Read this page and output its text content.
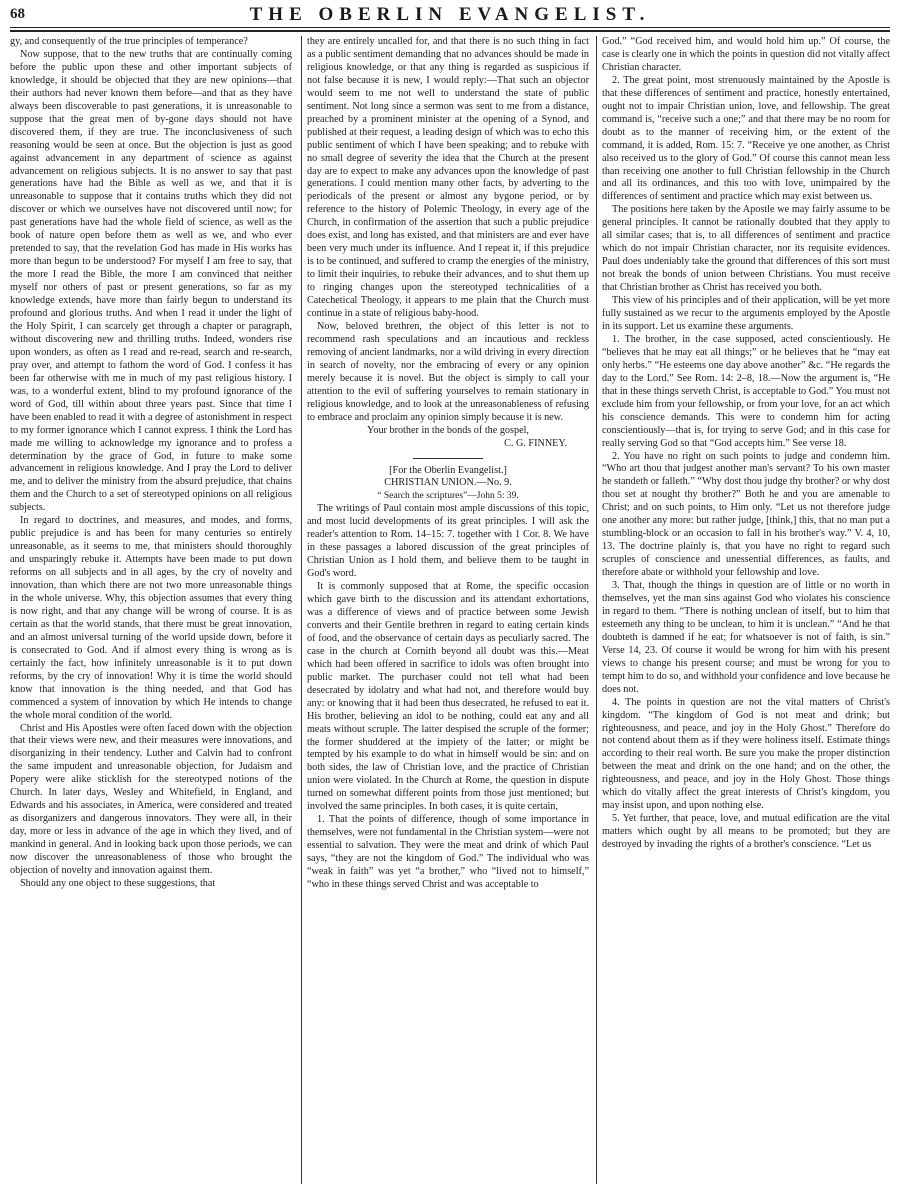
68	THE OBERLIN EVANGELIST.

gy, and consequently of the true principles of temperance?

Now suppose, that to the new truths that are continually coming before the public upon these and other important subjects of knowledge, it should be objected that they are new opinions—that their authors had never known them before—and that as they have always been discoverable to past generations, it is unreasonable to suppose that the great men of by-gone days should not have discovered them, if they are true. The inconclusiveness of such reasoning would be seen at once. But the objection is just as good against advancement in any department of science as against advancement on religious subjects. It is no answer to say that past generations have had the Bible as well as we, and that it is unreasonable to suppose that it contains truths which they did not discover or which we ourselves have not discovered until now; for past generations have had the whole field of science, as well as the book of nature open before them as well as we, and who ever pretended to say, that the revelation God has made in His works has more than begun to be understood? For myself I am free to say, that the more I read the Bible, the more I am convinced that neither myself nor others of past or present generations, so far as my knowledge extends, have more than fairly begun to understand its profound and glorious truths. And when I read it under the light of the Holy Spirit, I can scarcely get through a chapter or paragraph, without discovering new and thrilling truths. Indeed, wonders rise upon wonders, as often as I read and re-read, search and re-search, pray over, and attempt to fathom the word of God. I confess it has been far otherwise with me in much of my past religious history. I was, to a wonderful extent, blind to my profound ignorance of the word of God, till within about three years past. Since that time I have been enabled to read it with a degree of astonishment in respect to my former ignorance which I cannot express. I think the Lord has made me willing to acknowledge my ignorance and to profess a determination by the grace of God, in future to make some advancement in religious knowledge. And I pray the Lord to deliver me, and to deliver the ministry from the absurd prejudice, that chains them and the Church to a set of stereotyped opinions on all religious subjects.

In regard to doctrines, and measures, and modes, and forms, public prejudice is and has been for many centuries so entirely unreasonable, as it seems to me, that ministers should thoroughly and unsparingly rebuke it. Attempts have been made to put down reforms on all subjects and in all ages, by the cry of novelty and innovation, than which there are not two more unreasonable things in the whole universe. Why, this objection assumes that every thing is now right, and that any change will be wrong of course. It is as certain as that the world stands, that there must be great innovation, and an almost universal turning of the world upside down, before it is consecrated to God. And if almost every thing is wrong as is certainly the fact, how infinitely unreasonable is it to put down reforms, by the cry of innovation! Why it is time the world should know that innovation is the thing needed, and that God has commenced a system of innovation by which He intends to change the whole moral condition of the world.

Christ and His Apostles were often faced down with the objection that their views were new, and their measures were innovations, and disorganizing in their tendency. Luther and Calvin had to confront the same impudent and unreasonable objection, for Judaism and Popery were alike sticklish for the stereotyped notions of the Church. In later days, Wesley and Whitefield, in England, and Edwards and his associates, in America, were considered and treated as disorganizers and dangerous innovators. They were all, in their day, more or less in advance of the age in which they lived, and of mankind in general. And in looking back upon those periods, we can now discover the unreasonableness of those who brought the objection of novelty and innovation against them.

Should any one object to these suggestions, that

they are entirely uncalled for, and that there is no such thing in fact as a public sentiment demanding that no advances should be made in religious knowledge, or that any thing is regarded as suspicious if not false because it is new, I would reply:—That such an objector would seem to me not well to understand the state of public sentiment. Not long since a sermon was sent to me from a distance, preached by a prominent minister at the opening of a Synod, and published at their request, a leading design of which was to echo this public sentiment of which I have been speaking; and to rebuke with no small degree of severity the idea that the Church at the present day are to expect to make any advances upon the knowledge of past generations. I could mention many other facts, by adverting to the periodicals of the present or almost any bygone period, or by reference to the history of Polemic Theology, in every age of the Church, in confirmation of the assertion that such a public prejudice does exist, and long has existed, and that ministers are and ever have been very much under its influence. And I repeat it, if this prejudice is to be continued, and suffered to cramp the energies of the ministry, to limit their inquiries, to rebuke their advances, and to shut them up to ringing changes upon the stereotyped technicalities of a Catechetical Theology, it appears to me plain that the Church must continue in a state of religious baby-hood.

Now, beloved brethren, the object of this letter is not to recommend rash speculations and an incautious and reckless removing of ancient landmarks, nor a wild driving in every direction in search of novelty, nor the embracing of every or any opinion merely because it is novel. But the object is simply to call your attention to the evil of suffering yourselves to remain stationary in religious knowledge, and to look at the unreasonableness of refusing to embrace and proclaim any opinion simply because it is new.

Your brother in the bonds of the gospel,

C. G. FINNEY.

[For the Oberlin Evangelist.]

CHRISTIAN UNION.—No. 9.

“ Search the scriptures”—John 5: 39.

The writings of Paul contain most ample discussions of this topic, and most lucid developments of its great principles. I will ask the reader's attention to Rom. 14–15: 7. together with 1 Cor. 8. We have in these passages a labored discussion of the great principles of Christian Union as I hold them, and believe them to be taught in God's word.

It is commonly supposed that at Rome, the specific occasion which gave birth to the discussion and its attendant exhortations, was a difference of views and of practice between some Jewish converts and their Gentile brethren in regard to eating certain kinds of food, and the observance of certain days as peculiarly sacred. The case in the church at Cornith beyond all doubt was this.—Meat which had been offered in sacrifice to idols was often brought into public market. The purchaser could not tell what had been desecrated by idolatry and what had not, and therefore would buy any: or knowing that it had been thus desecrated, he refused to eat it. His brother, believing an idol to be nothing, could eat any and all meats without scruple. The latter despised the scruple of the former; the former shuddered at the impiety of the latter; or might be tempted by his example to do what in himself would be sin: and on both sides, the law of Christian love, and the practice of Christian union were violated. In the Church at Rome, the question in dispute turned on somewhat different points from those just mentioned; but involved the same principles. In both cases, it is quite certain,

1. That the points of difference, though of some importance in themselves, were not fundamental in the Christian system—were not essential to salvation. They were the meat and drink of which Paul says, “they are not the kingdom of God.” The individual who was “weak in faith” was yet “a brother,” who “lived not to himself,” “who in these things served Christ and was acceptable to

God.” “God received him, and would hold him up.” Of course, the case is clearly one in which the points in question did not vitally affect Christian character.

2. The great point, most strenuously maintained by the Apostle is that these differences of sentiment and practice, honestly entertained, ought not to impair Christian union, love, and fellowship. The great command is, “receive such a one;” and that there may be no room for doubt as to the manner of receiving him, or the extent of the command, it is added, Rom. 15: 7. “Receive ye one another, as Christ also received us to the glory of God.” Of course this cannot mean less than receiving one another to full Christian fellowship in the Church and all its ordinances, and this too with love, unimpaired by the differences of sentiment and practice which may exist between us.

The positions here taken by the Apostle we may fairly assume to be general principles. It cannot be rationally doubted that they apply to all similar cases; that is, to all differences of sentiment and practice which do not impair Christian character, nor its requisite evidences. Paul does undeniably take the ground that differences of this sort must not break the bonds of union between Christians. You must receive that Christian brother as Christ has received you both.

This view of his principles and of their application, will be yet more fully sustained as we recur to the arguments employed by the Apostle in its support. Let us examine these arguments.

1. The brother, in the case supposed, acted conscientiously. He “believes that he may eat all things;” or he believes that he “may eat only herbs.” “He esteems one day above another” &c. “He regards the day to the Lord.” See Rom. 14: 2–8, 18.—Now the argument is, “He that in these things serveth Christ, is acceptable to God.” You must not exclude him from your fellowship, or from your love, for an act which his conscience demands. This were to condemn him for acting conscientiously—that is, for trying to serve God; and in this case for really serving God so that “God accepts him.” See verse 18.

2. You have no right on such points to judge and condemn him. “Who art thou that judgest another man's servant? To his own master he standeth or falleth.” “Why dost thou judge thy brother? or why dost thou set at nought thy brother?” Both he and you are amenable to Christ; and on such points, to Him only. “Let us not therefore judge one another any more: but rather judge, [think,] this, that no man put a stumbling-block or an occasion to fall in his brother's way.” V. 4, 10, 13. The doctrine plainly is, that you have no right to regard such scruples of conscience and unessential differences, as faults, and therefore abate or withhold your fellowship and love.

3. That, though the things in question are of little or no worth in themselves, yet the man sins against God who violates his conscience in regard to them. “There is nothing unclean of itself, but to him that esteemeth any thing to be unclean, to him it is unclean.” “And he that doubteth is damned if he eat; for whatsoever is not of faith, is sin.” Verse 14, 23. Of course it would be wrong for him with his present views to change his present course; and must be wrong for you to tempt him to do so, and withhold your confidence and love because he does not.

4. The points in question are not the vital matters of Christ's kingdom. “The kingdom of God is not meat and drink; but righteousness, and peace, and joy in the Holy Ghost.” Therefore do not contend about them as if they were holiness itself. Estimate things according to their real worth. Be sure you make the proper distinction between the meat and drink on the one hand; and on the other, the righteousness, and peace, and joy in the Holy Ghost. Those things which do vitally affect the great interests of Christ's kingdom, you may insist upon, and upon nothing else.

5. Yet further, that peace, love, and mutual edification are the vital matters which ought by all means to be promoted; but they are destroyed by invading the rights of a brother's conscience. “Let us
